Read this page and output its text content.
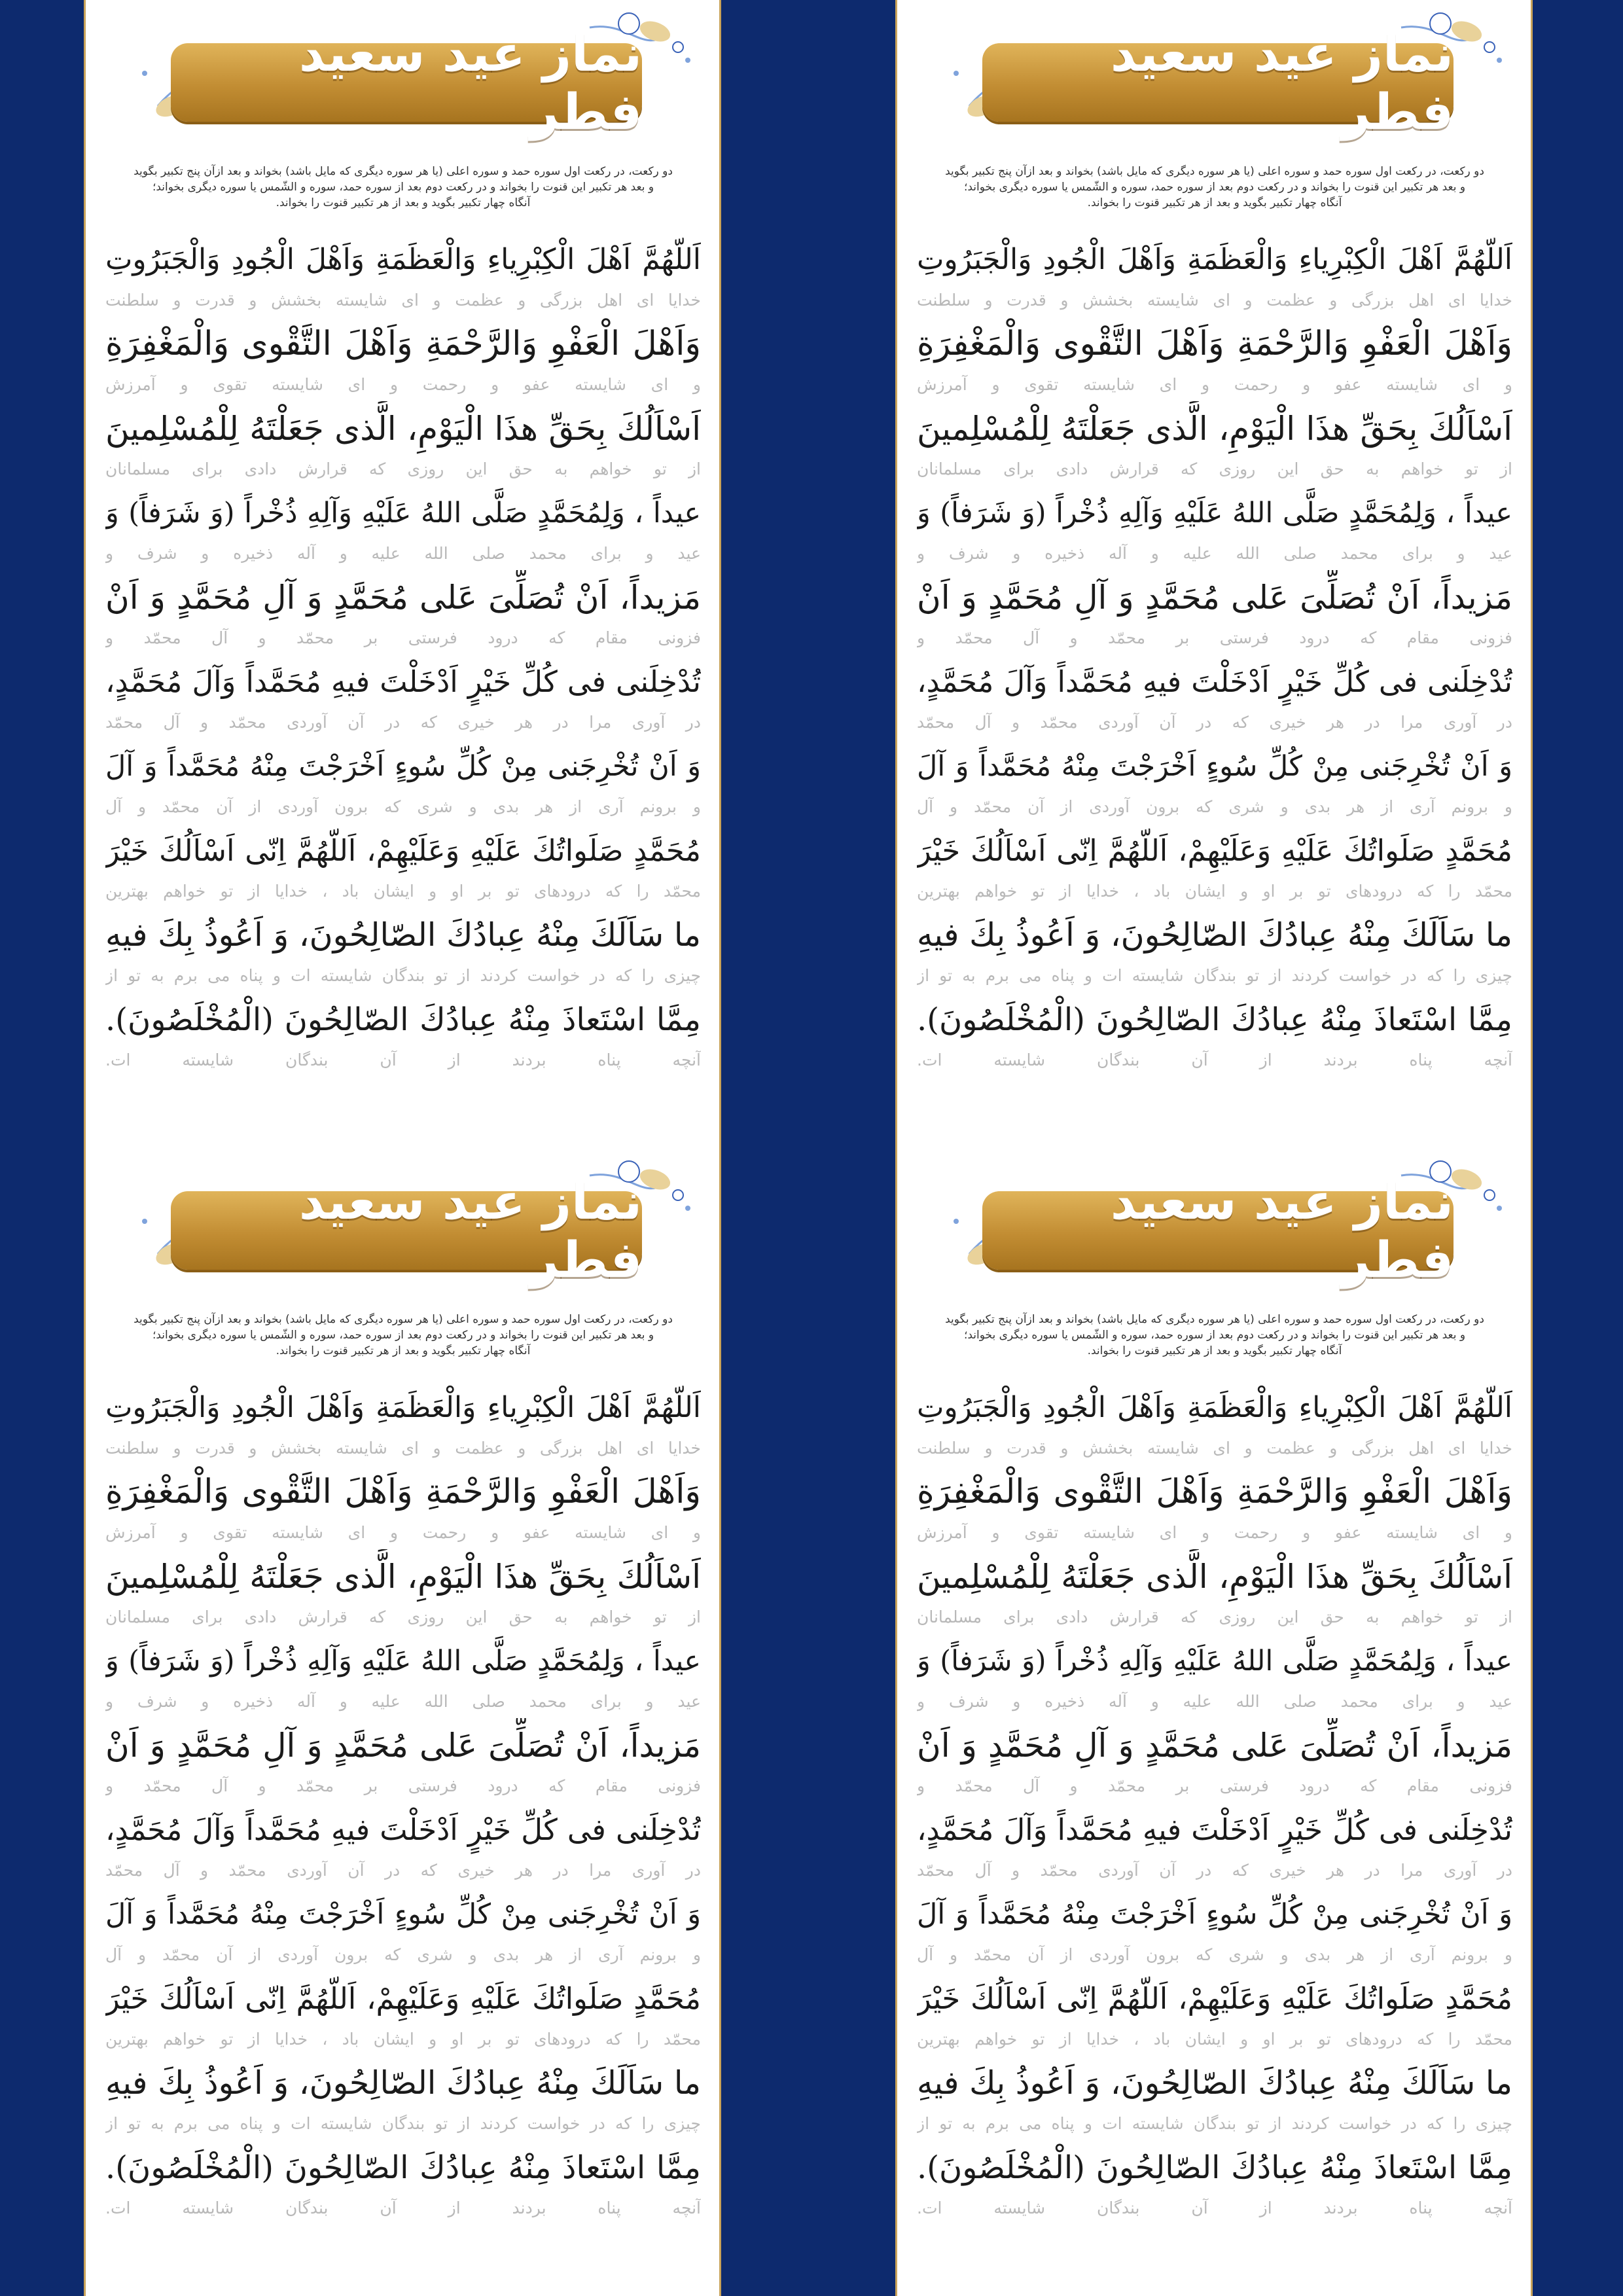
نماز عید سعید فطر

دو رکعت، در رکعت اول سوره حمد و سوره اعلی (یا هر سوره دیگری که مایل باشد) بخواند و بعد ازآن پنج تکبیر بگوید

و بعد هر تکبیر این قنوت را بخواند و در رکعت دوم بعد از سوره حمد، سوره و الشّمس یا سوره دیگری بخواند؛

آنگاه چهار تکبیر بگوید و بعد از هر تکبیر قنوت را بخواند.

اَللّهُمَّ اَهْلَ الْكِبْرِیاءِ وَالْعَظَمَةِ وَاَهْلَ الْجُودِ وَالْجَبَرُوتِ
خدایا ای اهل بزرگی و عظمت و ای شایسته بخشش و قدرت و سلطنت
وَاَهْلَ الْعَفْوِ وَالرَّحْمَةِ وَاَهْلَ التَّقْوی وَالْمَغْفِرَةِ
و ای شایسته عفو و رحمت و ای شایسته تقوی و آمرزش
اَسْاَلُكَ بِحَقِّ هذَا الْیَوْمِ، الَّذی جَعَلْتَهُ لِلْمُسْلِمینَ
از تو خواهم به حق این روزی که قرارش دادی برای مسلمانان
عیداً ، وَلِمُحَمَّدٍ صَلَّی اللهُ عَلَیْهِ وَآلِهِ ذُخْراً (وَ شَرَفاً) وَ
عید و برای محمد صلی الله علیه و آله ذخیره و شرف و
مَزیداً، اَنْ تُصَلِّیَ عَلی مُحَمَّدٍ وَ آلِ مُحَمَّدٍ وَ اَنْ
فزونی مقام که درود فرستی بر محمّد و آل محمّد و
تُدْخِلَنی فی كُلِّ خَیْرٍ اَدْخَلْتَ فیهِ مُحَمَّداً وَآلَ مُحَمَّدٍ،
در آوری مرا در هر خیری که در آن آوردی محمّد و آل محمّد
وَ اَنْ تُخْرِجَنی مِنْ كُلِّ سُوءٍ اَخْرَجْتَ مِنْهُ مُحَمَّداً وَ آلَ
و برونم آری از هر بدی و شری که برون آوردی از آن محمّد و آل
مُحَمَّدٍ صَلَواتُكَ عَلَیْهِ وَعَلَیْهِمْ، اَللّهُمَّ اِنّی اَسْاَلُكَ خَیْرَ
محمّد را که درودهای تو بر او و ایشان باد ، خدایا از تو خواهم بهترین
ما سَاَلَكَ مِنْهُ عِبادُكَ الصّالِحُونَ، وَ اَعُوذُ بِكَ فیهِ
چیزی را که در خواست کردند از تو بندگان شایسته ات و پناه می برم به تو از
مِمَّا اسْتَعاذَ مِنْهُ عِبادُكَ الصّالِحُونَ (الْمُخْلَصُونَ).
آنچه پناه بردند از آن بندگان شایسته ات.
نماز عید سعید فطر

دو رکعت، در رکعت اول سوره حمد و سوره اعلی (یا هر سوره دیگری که مایل باشد) بخواند و بعد ازآن پنج تکبیر بگوید

و بعد هر تکبیر این قنوت را بخواند و در رکعت دوم بعد از سوره حمد، سوره و الشّمس یا سوره دیگری بخواند؛

آنگاه چهار تکبیر بگوید و بعد از هر تکبیر قنوت را بخواند.

اَللّهُمَّ اَهْلَ الْكِبْرِیاءِ وَالْعَظَمَةِ وَاَهْلَ الْجُودِ وَالْجَبَرُوتِ
خدایا ای اهل بزرگی و عظمت و ای شایسته بخشش و قدرت و سلطنت
وَاَهْلَ الْعَفْوِ وَالرَّحْمَةِ وَاَهْلَ التَّقْوی وَالْمَغْفِرَةِ
و ای شایسته عفو و رحمت و ای شایسته تقوی و آمرزش
اَسْاَلُكَ بِحَقِّ هذَا الْیَوْمِ، الَّذی جَعَلْتَهُ لِلْمُسْلِمینَ
از تو خواهم به حق این روزی که قرارش دادی برای مسلمانان
عیداً ، وَلِمُحَمَّدٍ صَلَّی اللهُ عَلَیْهِ وَآلِهِ ذُخْراً (وَ شَرَفاً) وَ
عید و برای محمد صلی الله علیه و آله ذخیره و شرف و
مَزیداً، اَنْ تُصَلِّیَ عَلی مُحَمَّدٍ وَ آلِ مُحَمَّدٍ وَ اَنْ
فزونی مقام که درود فرستی بر محمّد و آل محمّد و
تُدْخِلَنی فی كُلِّ خَیْرٍ اَدْخَلْتَ فیهِ مُحَمَّداً وَآلَ مُحَمَّدٍ،
در آوری مرا در هر خیری که در آن آوردی محمّد و آل محمّد
وَ اَنْ تُخْرِجَنی مِنْ كُلِّ سُوءٍ اَخْرَجْتَ مِنْهُ مُحَمَّداً وَ آلَ
و برونم آری از هر بدی و شری که برون آوردی از آن محمّد و آل
مُحَمَّدٍ صَلَواتُكَ عَلَیْهِ وَعَلَیْهِمْ، اَللّهُمَّ اِنّی اَسْاَلُكَ خَیْرَ
محمّد را که درودهای تو بر او و ایشان باد ، خدایا از تو خواهم بهترین
ما سَاَلَكَ مِنْهُ عِبادُكَ الصّالِحُونَ، وَ اَعُوذُ بِكَ فیهِ
چیزی را که در خواست کردند از تو بندگان شایسته ات و پناه می برم به تو از
مِمَّا اسْتَعاذَ مِنْهُ عِبادُكَ الصّالِحُونَ (الْمُخْلَصُونَ).
آنچه پناه بردند از آن بندگان شایسته ات.
نماز عید سعید فطر

دو رکعت، در رکعت اول سوره حمد و سوره اعلی (یا هر سوره دیگری که مایل باشد) بخواند و بعد ازآن پنج تکبیر بگوید

و بعد هر تکبیر این قنوت را بخواند و در رکعت دوم بعد از سوره حمد، سوره و الشّمس یا سوره دیگری بخواند؛

آنگاه چهار تکبیر بگوید و بعد از هر تکبیر قنوت را بخواند.

اَللّهُمَّ اَهْلَ الْكِبْرِیاءِ وَالْعَظَمَةِ وَاَهْلَ الْجُودِ وَالْجَبَرُوتِ
خدایا ای اهل بزرگی و عظمت و ای شایسته بخشش و قدرت و سلطنت
وَاَهْلَ الْعَفْوِ وَالرَّحْمَةِ وَاَهْلَ التَّقْوی وَالْمَغْفِرَةِ
و ای شایسته عفو و رحمت و ای شایسته تقوی و آمرزش
اَسْاَلُكَ بِحَقِّ هذَا الْیَوْمِ، الَّذی جَعَلْتَهُ لِلْمُسْلِمینَ
از تو خواهم به حق این روزی که قرارش دادی برای مسلمانان
عیداً ، وَلِمُحَمَّدٍ صَلَّی اللهُ عَلَیْهِ وَآلِهِ ذُخْراً (وَ شَرَفاً) وَ
عید و برای محمد صلی الله علیه و آله ذخیره و شرف و
مَزیداً، اَنْ تُصَلِّیَ عَلی مُحَمَّدٍ وَ آلِ مُحَمَّدٍ وَ اَنْ
فزونی مقام که درود فرستی بر محمّد و آل محمّد و
تُدْخِلَنی فی كُلِّ خَیْرٍ اَدْخَلْتَ فیهِ مُحَمَّداً وَآلَ مُحَمَّدٍ،
در آوری مرا در هر خیری که در آن آوردی محمّد و آل محمّد
وَ اَنْ تُخْرِجَنی مِنْ كُلِّ سُوءٍ اَخْرَجْتَ مِنْهُ مُحَمَّداً وَ آلَ
و برونم آری از هر بدی و شری که برون آوردی از آن محمّد و آل
مُحَمَّدٍ صَلَواتُكَ عَلَیْهِ وَعَلَیْهِمْ، اَللّهُمَّ اِنّی اَسْاَلُكَ خَیْرَ
محمّد را که درودهای تو بر او و ایشان باد ، خدایا از تو خواهم بهترین
ما سَاَلَكَ مِنْهُ عِبادُكَ الصّالِحُونَ، وَ اَعُوذُ بِكَ فیهِ
چیزی را که در خواست کردند از تو بندگان شایسته ات و پناه می برم به تو از
مِمَّا اسْتَعاذَ مِنْهُ عِبادُكَ الصّالِحُونَ (الْمُخْلَصُونَ).
آنچه پناه بردند از آن بندگان شایسته ات.
نماز عید سعید فطر

دو رکعت، در رکعت اول سوره حمد و سوره اعلی (یا هر سوره دیگری که مایل باشد) بخواند و بعد ازآن پنج تکبیر بگوید

و بعد هر تکبیر این قنوت را بخواند و در رکعت دوم بعد از سوره حمد، سوره و الشّمس یا سوره دیگری بخواند؛

آنگاه چهار تکبیر بگوید و بعد از هر تکبیر قنوت را بخواند.

اَللّهُمَّ اَهْلَ الْكِبْرِیاءِ وَالْعَظَمَةِ وَاَهْلَ الْجُودِ وَالْجَبَرُوتِ
خدایا ای اهل بزرگی و عظمت و ای شایسته بخشش و قدرت و سلطنت
وَاَهْلَ الْعَفْوِ وَالرَّحْمَةِ وَاَهْلَ التَّقْوی وَالْمَغْفِرَةِ
و ای شایسته عفو و رحمت و ای شایسته تقوی و آمرزش
اَسْاَلُكَ بِحَقِّ هذَا الْیَوْمِ، الَّذی جَعَلْتَهُ لِلْمُسْلِمینَ
از تو خواهم به حق این روزی که قرارش دادی برای مسلمانان
عیداً ، وَلِمُحَمَّدٍ صَلَّی اللهُ عَلَیْهِ وَآلِهِ ذُخْراً (وَ شَرَفاً) وَ
عید و برای محمد صلی الله علیه و آله ذخیره و شرف و
مَزیداً، اَنْ تُصَلِّیَ عَلی مُحَمَّدٍ وَ آلِ مُحَمَّدٍ وَ اَنْ
فزونی مقام که درود فرستی بر محمّد و آل محمّد و
تُدْخِلَنی فی كُلِّ خَیْرٍ اَدْخَلْتَ فیهِ مُحَمَّداً وَآلَ مُحَمَّدٍ،
در آوری مرا در هر خیری که در آن آوردی محمّد و آل محمّد
وَ اَنْ تُخْرِجَنی مِنْ كُلِّ سُوءٍ اَخْرَجْتَ مِنْهُ مُحَمَّداً وَ آلَ
و برونم آری از هر بدی و شری که برون آوردی از آن محمّد و آل
مُحَمَّدٍ صَلَواتُكَ عَلَیْهِ وَعَلَیْهِمْ، اَللّهُمَّ اِنّی اَسْاَلُكَ خَیْرَ
محمّد را که درودهای تو بر او و ایشان باد ، خدایا از تو خواهم بهترین
ما سَاَلَكَ مِنْهُ عِبادُكَ الصّالِحُونَ، وَ اَعُوذُ بِكَ فیهِ
چیزی را که در خواست کردند از تو بندگان شایسته ات و پناه می برم به تو از
مِمَّا اسْتَعاذَ مِنْهُ عِبادُكَ الصّالِحُونَ (الْمُخْلَصُونَ).
آنچه پناه بردند از آن بندگان شایسته ات.
